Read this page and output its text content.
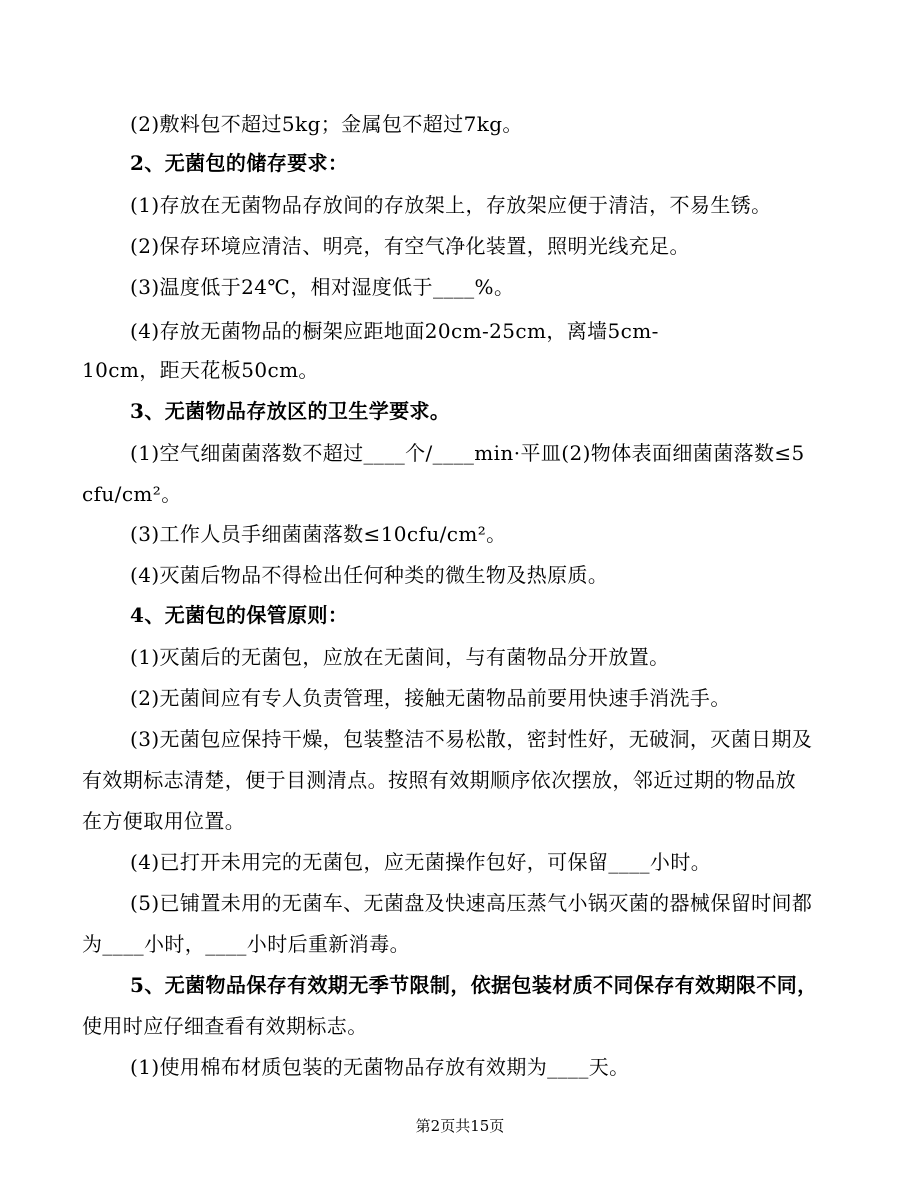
(2)敷料包不超过5kg；金属包不超过7kg。
2、无菌包的储存要求：
(1)存放在无菌物品存放间的存放架上，存放架应便于清洁，不易生锈。
(2)保存环境应清洁、明亮，有空气净化装置，照明光线充足。
(3)温度低于24℃，相对湿度低于____%。
(4)存放无菌物品的橱架应距地面20cm-25cm，离墙5cm-
10cm，距天花板50cm。
3、无菌物品存放区的卫生学要求。
(1)空气细菌菌落数不超过____个/____min·平皿(2)物体表面细菌菌落数≤5
cfu/cm²。
(3)工作人员手细菌菌落数≤10cfu/cm²。
(4)灭菌后物品不得检出任何种类的微生物及热原质。
4、无菌包的保管原则：
(1)灭菌后的无菌包，应放在无菌间，与有菌物品分开放置。
(2)无菌间应有专人负责管理，接触无菌物品前要用快速手消洗手。
(3)无菌包应保持干燥，包装整洁不易松散，密封性好，无破洞，灭菌日期及
有效期标志清楚，便于目测清点。按照有效期顺序依次摆放，邻近过期的物品放
在方便取用位置。
(4)已打开未用完的无菌包，应无菌操作包好，可保留____小时。
(5)已铺置未用的无菌车、无菌盘及快速高压蒸气小锅灭菌的器械保留时间都
为____小时，____小时后重新消毒。
5、无菌物品保存有效期无季节限制，依据包装材质不同保存有效期限不同，
使用时应仔细查看有效期标志。
(1)使用棉布材质包装的无菌物品存放有效期为____天。
第2页共15页
